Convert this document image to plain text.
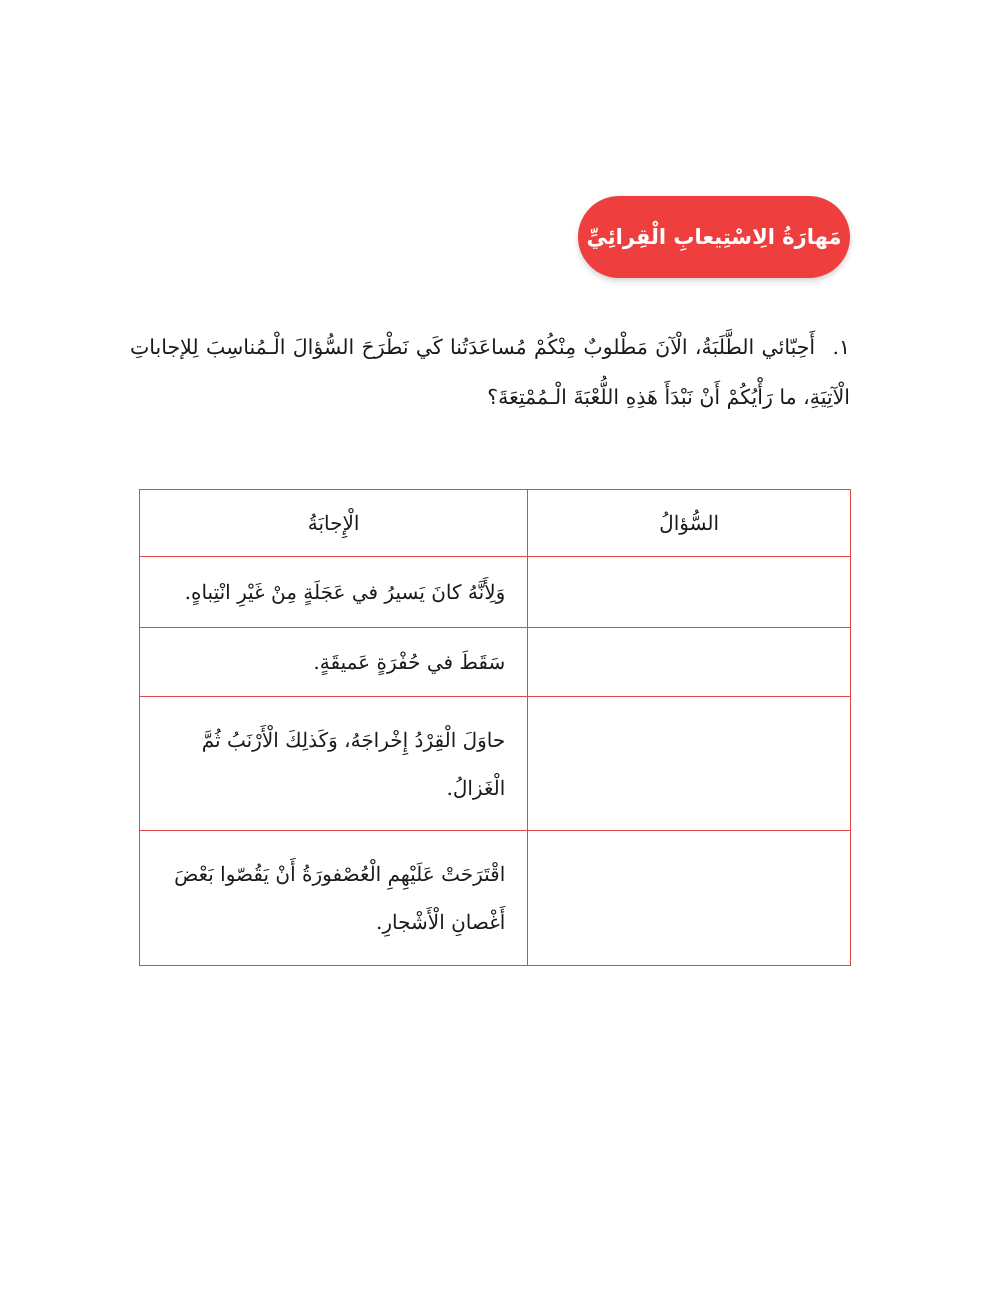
مَهارَةُ الِاسْتِيعابِ الْقِرائِيِّ
١. أَحِبّائي الطَّلَبَةُ، الْآنَ مَطْلوبٌ مِنْكُمْ مُساعَدَتُنا كَي نَطْرَحَ السُّؤالَ الْـمُناسِبَ لِلإجاباتِ الْآتِيَةِ، ما رَأْيُكُمْ أَنْ نَبْدَأَ هَذِهِ اللُّعْبَةَ الْـمُمْتِعَةَ؟
السُّؤالُ	الْإِجابَةُ
	وَلِأَنَّهُ كانَ يَسيرُ في عَجَلَةٍ مِنْ غَيْرِ انْتِباهٍ.
	سَقَطَ في حُفْرَةٍ عَميقَةٍ.
	حاوَلَ الْقِرْدُ إِخْراجَهُ، وَكَذلِكَ الْأَرْنَبُ ثُمَّ الْغَزالُ.
	اقْتَرَحَتْ عَلَيْهِمِ الْعُصْفورَةُ أَنْ يَقُصّوا بَعْضَ أَغْصانِ الْأَشْجارِ.
